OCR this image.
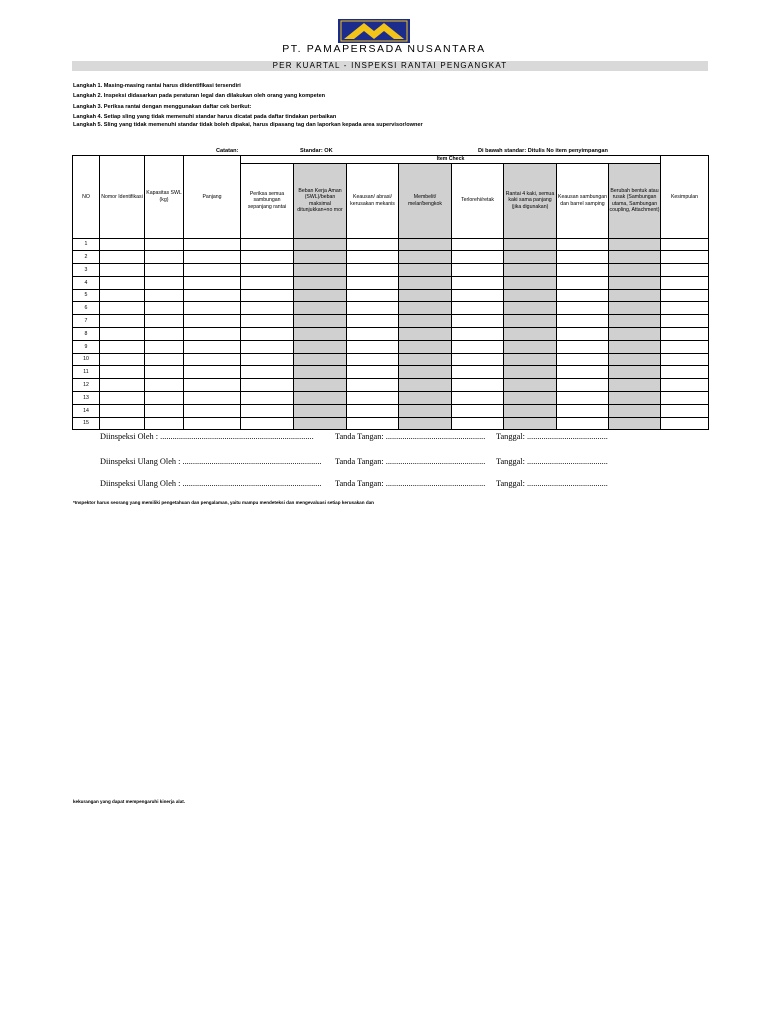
PT. PAMAPERSADA NUSANTARA
PER KUARTAL - INSPEKSI RANTAI PENGANGKAT
Langkah 1. Masing-masing rantai harus diidentifikasi tersendiri
Langkah 2. Inspeksi didasarkan pada peraturan legal dan dilakukan oleh orang yang kompeten
Langkah 3. Periksa rantai dengan menggunakan daftar cek berikut:
Langkah 4. Setiap sling yang tidak memenuhi standar harus dicatat pada daftar tindakan perbaikan
Langkah 5. Sling yang tidak memenuhi standar tidak boleh dipakai, harus dipasang tag dan laporkan kepada area supervisor/owner
Catatan:	Standar: OK	Di bawah standar: Ditulis No item penyimpangan
NO	Nomor Identifikasi	Kapasitas SWL (kg)	Panjang	Item Check								Kesimpulan
				Periksa semua sambungan sepanjang rantai	Beban Kerja Aman (SWL)/beban maksimal ditunjukkan+no mor	Keausan/ abrasi/ kerusakan mekanis	Membelit/ melar/bengkok	Terlorehi/retak	Rantai 4 kaki, semua kaki sama panjang (jika digunakan)	Keausan sambungan dan barrel samping	Berubah bentuk atau rusak (Sambungan utama, Sambungan coupling, Attachment)	
1												
2												
3												
4												
5												
6												
7												
8												
9												
10												
11												
12												
13												
14												
15												
Diinspeksi Oleh : ..........................................................................	Tanda Tangan: ................................................ Tanggal: .......................................
Diinspeksi Ulang Oleh : ................................................................... Tanda Tangan: ................................................ Tanggal: .......................................
Diinspeksi Ulang Oleh : ................................................................... Tanda Tangan: ................................................ Tanggal: .......................................
*Inspektor harus seorang yang memiliki pengetahuan dan pengalaman, yaitu mampu mendeteksi dan mengevaluasi setiap kerusakan dan
kekurangan yang dapat mempengaruhi kinerja alat.
